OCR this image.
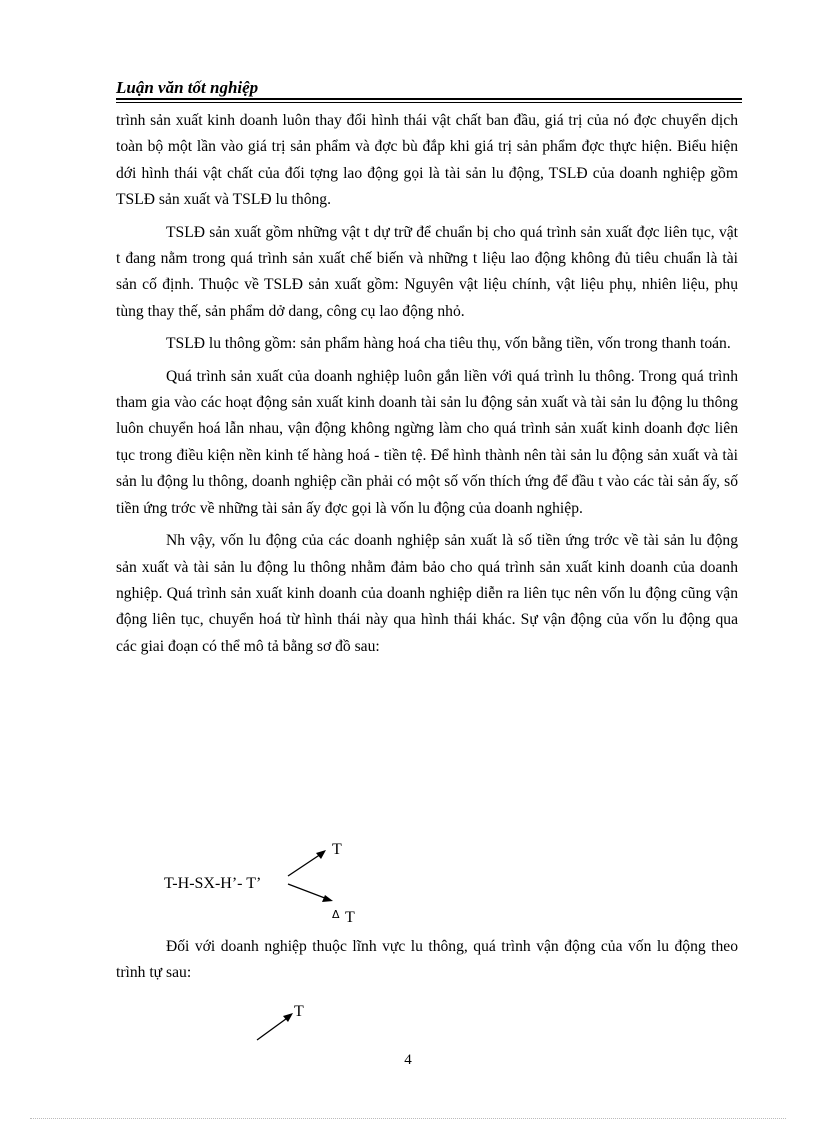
Luận văn tốt nghiệp

trình sản xuất kinh doanh luôn thay đổi hình thái vật chất ban đầu, giá trị của nó đợc chuyển dịch toàn bộ một lần vào giá trị sản phẩm và đợc bù đắp khi giá trị sản phẩm đợc thực hiện. Biểu hiện dới hình thái vật chất của đối tợng lao động gọi là tài sản lu động, TSLĐ của doanh nghiệp gồm TSLĐ sản xuất và TSLĐ lu thông.

TSLĐ sản xuất gồm những vật t dự trữ để chuẩn bị cho quá trình sản xuất đợc liên tục, vật t đang nằm trong quá trình sản xuất chế biến và những t liệu lao động không đủ tiêu chuẩn là tài sản cố định. Thuộc về TSLĐ sản xuất gồm: Nguyên vật liệu chính, vật liệu phụ, nhiên liệu, phụ tùng thay thế, sản phẩm dở dang, công cụ lao động nhỏ.

TSLĐ lu thông gồm: sản phẩm hàng hoá cha tiêu thụ, vốn bằng tiền, vốn trong thanh toán.

Quá trình sản xuất của doanh nghiệp luôn gắn liền với quá trình lu thông. Trong quá trình tham gia vào các hoạt động sản xuất kinh doanh tài sản lu động sản xuất và tài sản lu động lu thông luôn chuyển hoá lẫn nhau, vận động không ngừng làm cho quá trình sản xuất kinh doanh đợc liên tục trong điều kiện nền kinh tế hàng hoá - tiền tệ. Để hình thành nên tài sản lu động sản xuất và tài sản lu động lu thông, doanh nghiệp cần phải có một số vốn thích ứng để đầu t vào các tài sản ấy, số tiền ứng trớc về những tài sản ấy đợc gọi là vốn lu động của doanh nghiệp.

Nh vậy, vốn lu động của các doanh nghiệp sản xuất là số tiền ứng trớc về tài sản lu động sản xuất và tài sản lu động lu thông nhằm đảm bảo cho quá trình sản xuất kinh doanh của doanh nghiệp. Quá trình sản xuất kinh doanh của doanh nghiệp diễn ra liên tục nên vốn lu động cũng vận động liên tục, chuyển hoá từ hình thái này qua hình thái khác. Sự vận động của vốn lu động qua các giai đoạn có thể mô tả bằng sơ đồ sau:

T-H-SX-H’- T’
T
Δ T

Đối với doanh nghiệp thuộc lĩnh vực lu thông, quá trình vận động của vốn lu động theo trình tự sau:

T
4
